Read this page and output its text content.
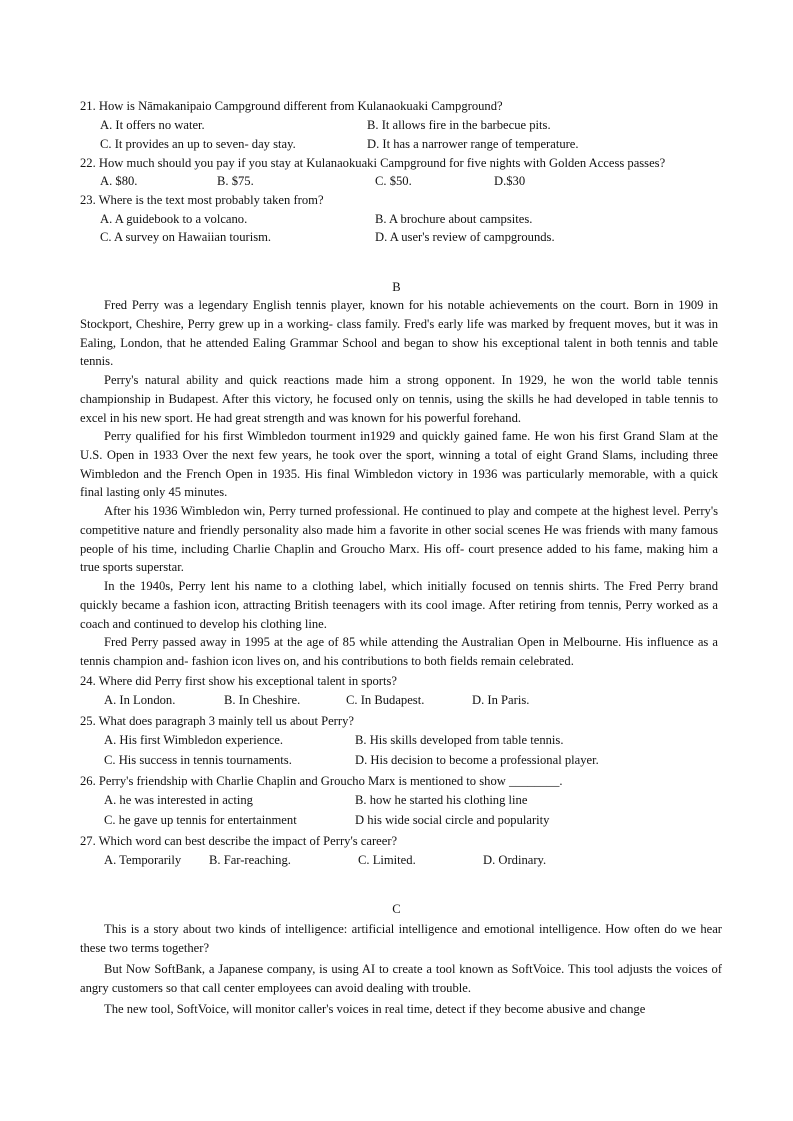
21. How is Nāmakanipaio Campground different from Kulanaokuaki Campground?
A. It offers no water.	B. It allows fire in the barbecue pits.
C. It provides an up to seven- day stay.	D. It has a narrower range of temperature.
22. How much should you pay if you stay at Kulanaokuaki Campground for five nights with Golden Access passes?
A. $80.	B. $75.	C. $50.	D.$30
23. Where is the text most probably taken from?
A. A guidebook to a volcano.	B. A brochure about campsites.
C. A survey on Hawaiian tourism.	D. A user's review of campgrounds.
B

Fred Perry was a legendary English tennis player, known for his notable achievements on the court. Born in 1909 in Stockport, Cheshire, Perry grew up in a working- class family. Fred's early life was marked by frequent moves, but it was in Ealing, London, that he attended Ealing Grammar School and began to show his exceptional talent in both tennis and table tennis.

Perry's natural ability and quick reactions made him a strong opponent. In 1929, he won the world table tennis championship in Budapest. After this victory, he focused only on tennis, using the skills he had developed in table tennis to excel in his new sport. He had great strength and was known for his powerful forehand.

Perry qualified for his first Wimbledon tourment in1929 and quickly gained fame. He won his first Grand Slam at the U.S. Open in 1933 Over the next few years, he took over the sport, winning a total of eight Grand Slams, including three Wimbledon and the French Open in 1935. His final Wimbledon victory in 1936 was particularly memorable, with a quick final lasting only 45 minutes.

After his 1936 Wimbledon win, Perry turned professional. He continued to play and compete at the highest level. Perry's competitive nature and friendly personality also made him a favorite in other social scenes He was friends with many famous people of his time, including Charlie Chaplin and Groucho Marx. His off- court presence added to his fame, making him a true sports superstar.

In the 1940s, Perry lent his name to a clothing label, which initially focused on tennis shirts. The Fred Perry brand quickly became a fashion icon, attracting British teenagers with its cool image. After retiring from tennis, Perry worked as a coach and continued to develop his clothing line.

Fred Perry passed away in 1995 at the age of 85 while attending the Australian Open in Melbourne. His influence as a tennis champion and- fashion icon lives on, and his contributions to both fields remain celebrated.

24. Where did Perry first show his exceptional talent in sports?
A. In London.	B. In Cheshire.	C. In Budapest.	D. In Paris.
25. What does paragraph 3 mainly tell us about Perry?
A. His first Wimbledon experience.	B. His skills developed from table tennis.
C. His success in tennis tournaments.	D. His decision to become a professional player.
26. Perry's friendship with Charlie Chaplin and Groucho Marx is mentioned to show ________.
A. he was interested in acting	B. how he started his clothing line
C. he gave up tennis for entertainment	D his wide social circle and popularity
27. Which word can best describe the impact of Perry's career?
A. Temporarily B. Far-reaching.	C. Limited.	D. Ordinary.
C

This is a story about two kinds of intelligence: artificial intelligence and emotional intelligence. How often do we hear these two terms together?

But Now SoftBank, a Japanese company, is using AI to create a tool known as SoftVoice. This tool adjusts the voices of angry customers so that call center employees can avoid dealing with trouble.

The new tool, SoftVoice, will monitor caller's voices in real time, detect if they become abusive and change
